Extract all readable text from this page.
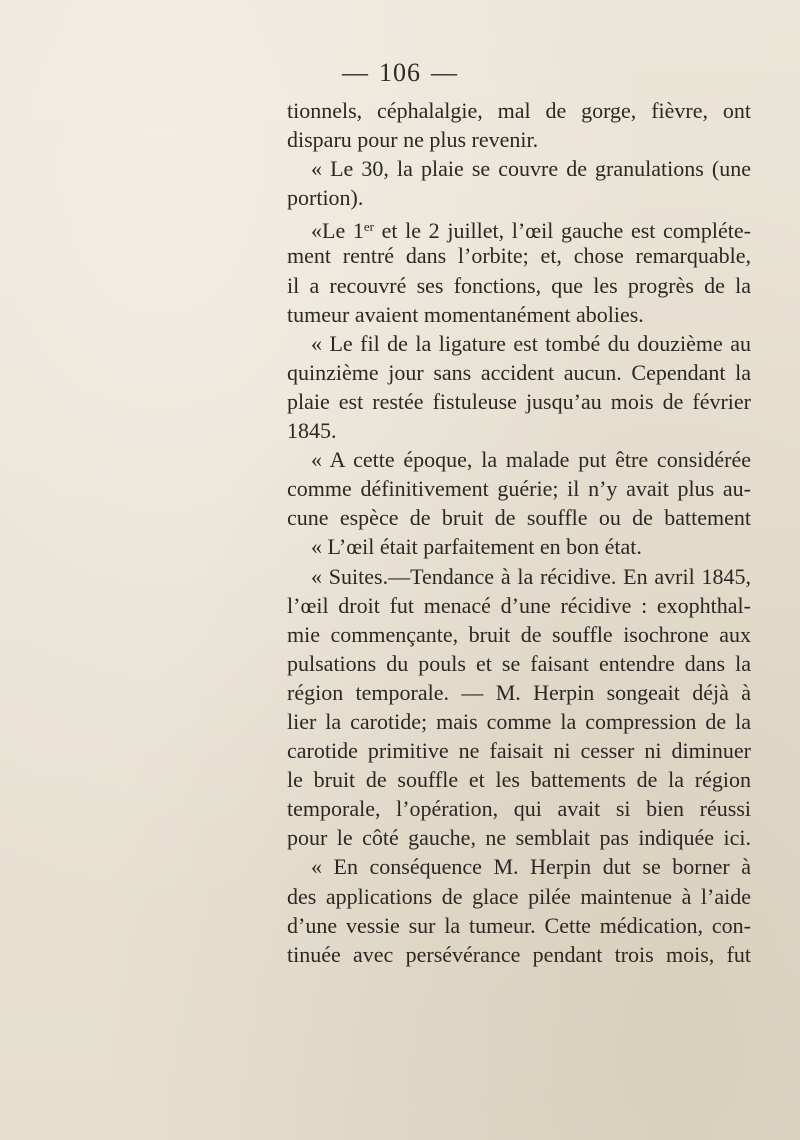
— 106 —
tionnels, céphalalgie, mal de gorge, fièvre, ont
disparu pour ne plus revenir.
« Le 30, la plaie se couvre de granulations (une
portion).
«Le 1er et le 2 juillet, l’œil gauche est compléte-
ment rentré dans l’orbite; et, chose remarquable,
il a recouvré ses fonctions, que les progrès de la
tumeur avaient momentanément abolies.
« Le fil de la ligature est tombé du douzième au
quinzième jour sans accident aucun. Cependant la
plaie est restée fistuleuse jusqu’au mois de février
1845.
« A cette époque, la malade put être considérée
comme définitivement guérie; il n’y avait plus au-
cune espèce de bruit de souffle ou de battement
« L’œil était parfaitement en bon état.
« Suites.—Tendance à la récidive. En avril 1845,
l’œil droit fut menacé d’une récidive : exophthal-
mie commençante, bruit de souffle isochrone aux
pulsations du pouls et se faisant entendre dans la
région temporale. — M. Herpin songeait déjà à
lier la carotide; mais comme la compression de la
carotide primitive ne faisait ni cesser ni diminuer
le bruit de souffle et les battements de la région
temporale, l’opération, qui avait si bien réussi
pour le côté gauche, ne semblait pas indiquée ici.
« En conséquence M. Herpin dut se borner à
des applications de glace pilée maintenue à l’aide
d’une vessie sur la tumeur. Cette médication, con-
tinuée avec persévérance pendant trois mois, fut
